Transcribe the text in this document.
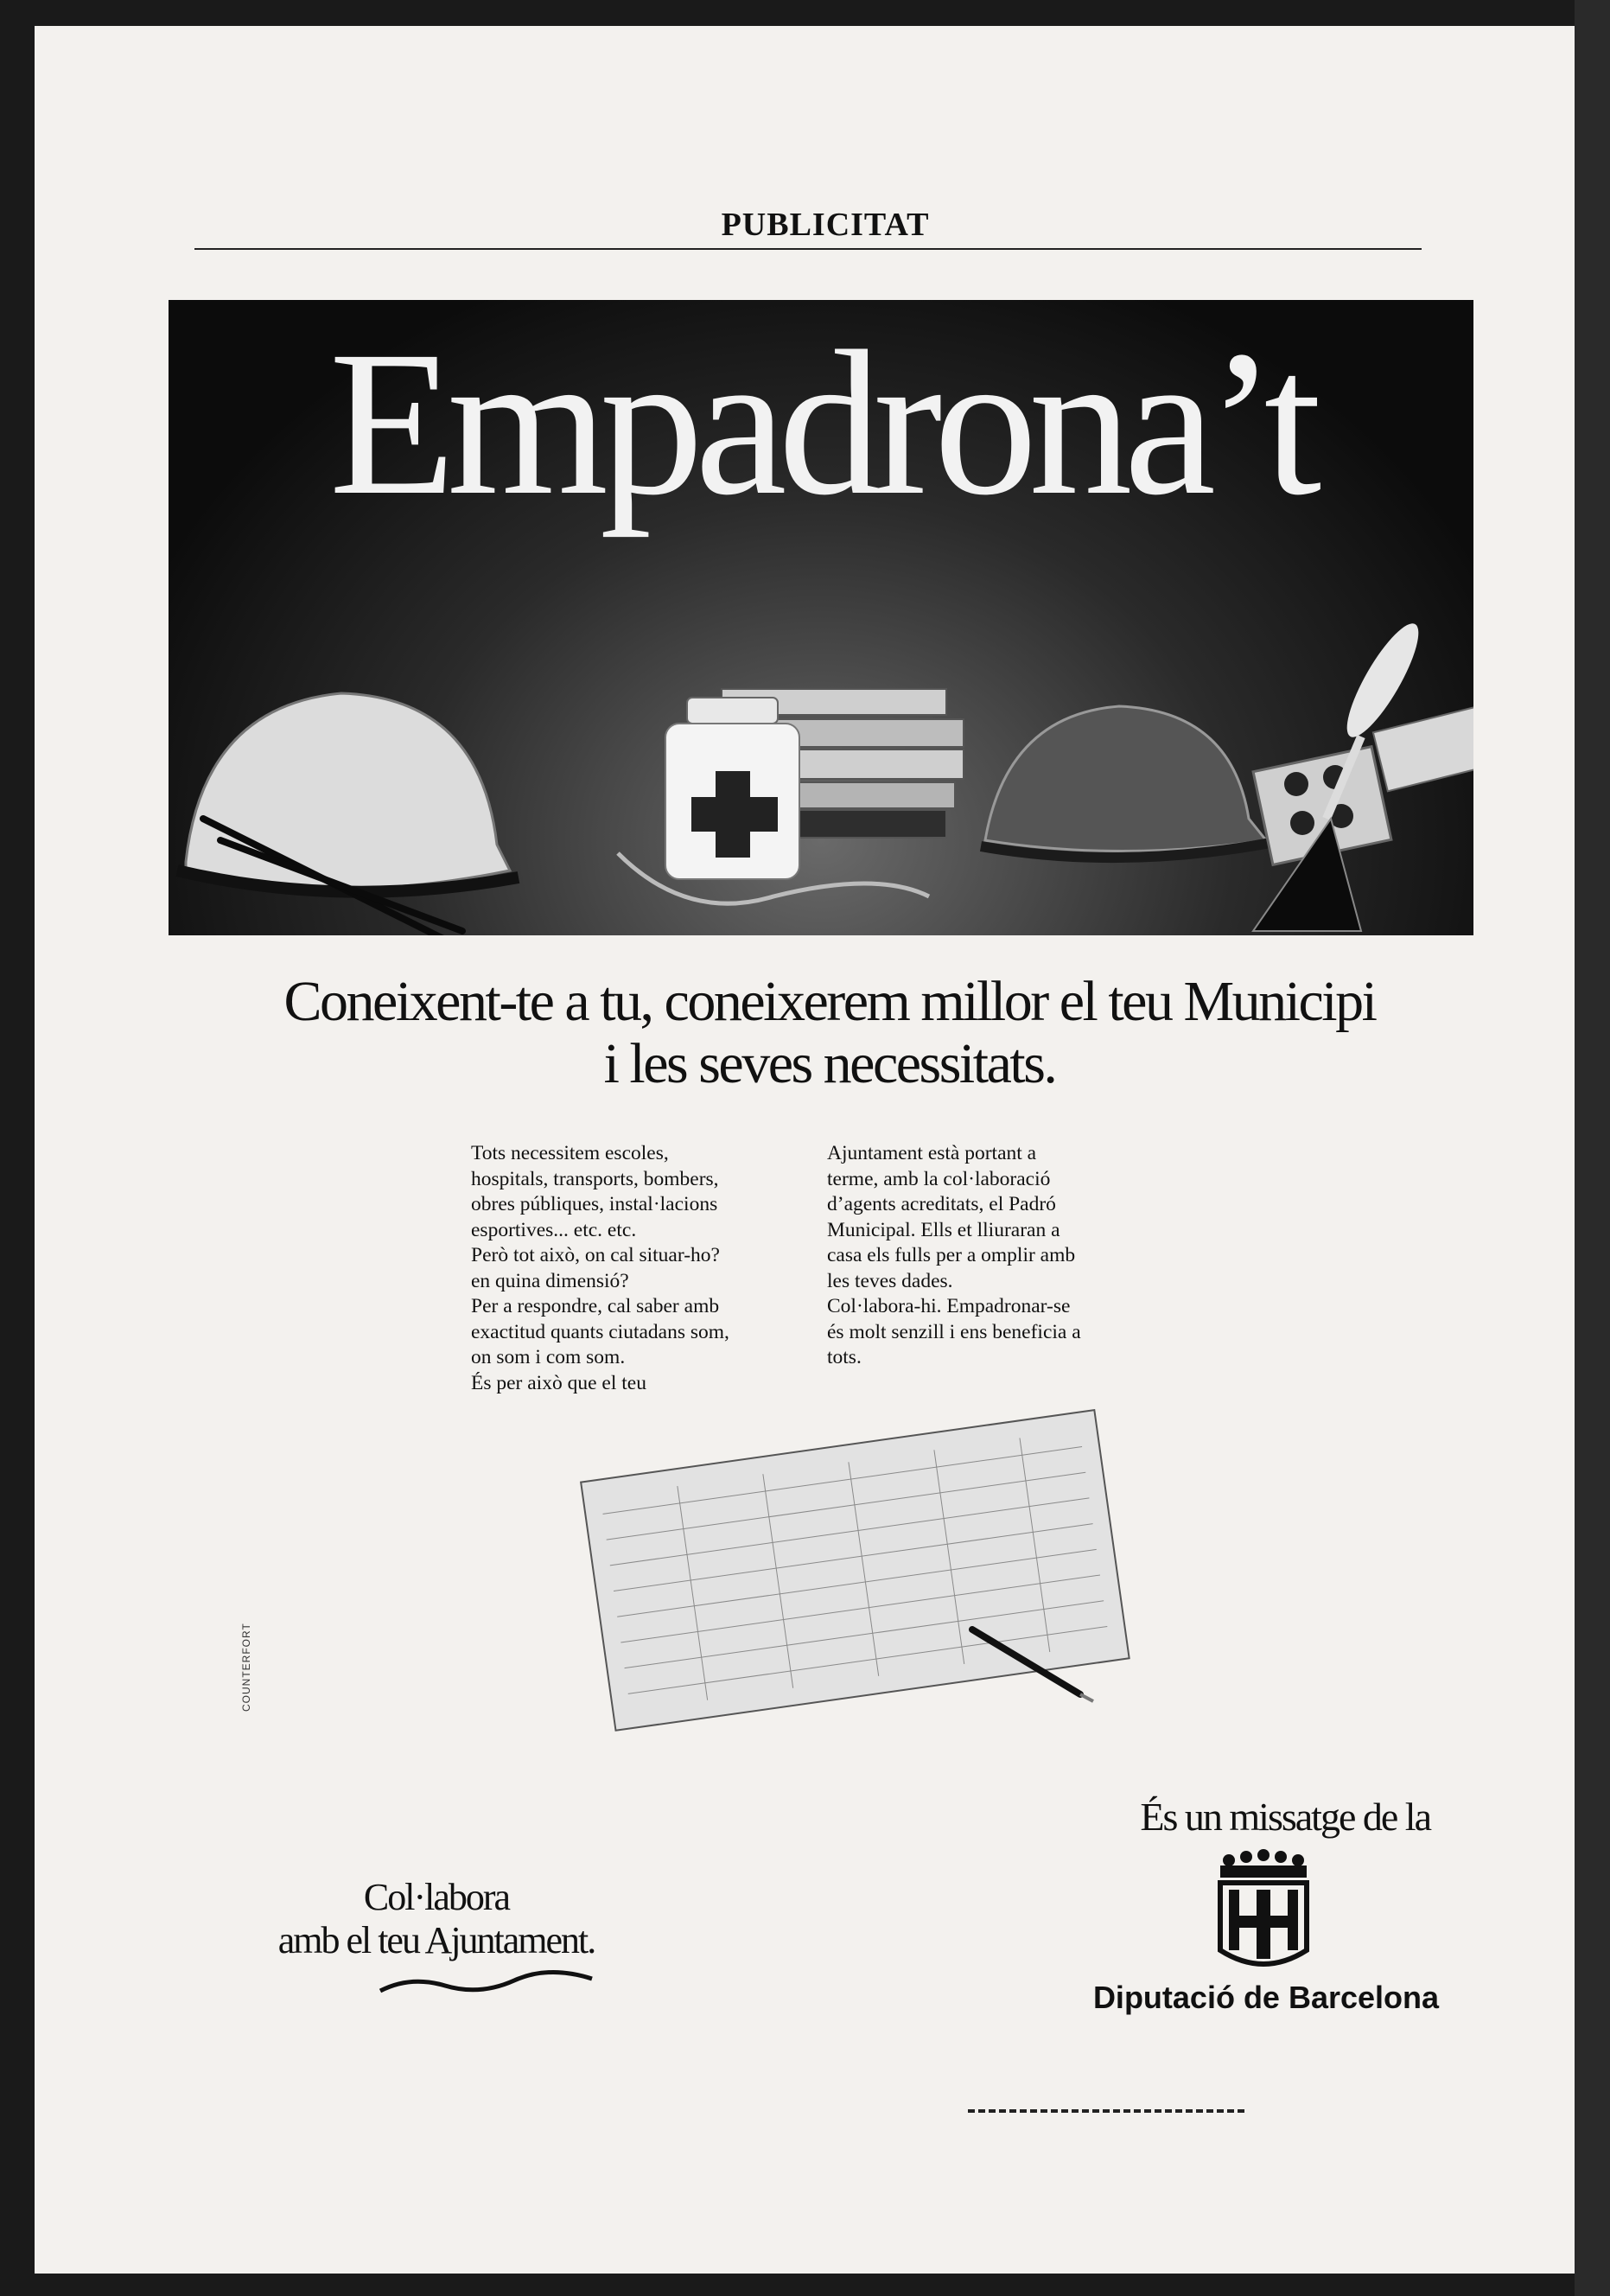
PUBLICITAT
Empadrona’t
Coneixent-te a tu, coneixerem millor el teu Municipi
i les seves necessitats.

Tots necessitem escoles,
hospitals, transports, bombers,
obres públiques, instal·lacions
esportives... etc. etc.
Però tot això, on cal situar-ho?
en quina dimensió?
Per a respondre, cal saber amb
exactitud quants ciutadans som,
on som i com som.
És per això que el teu

Ajuntament està portant a
terme, amb la col·laboració
d’agents acreditats, el Padró
Municipal. Ells et lliuraran a
casa els fulls per a omplir amb
les teves dades.
Col·labora-hi. Empadronar-se
és molt senzill i ens beneficia a
tots.

COUNTERFORT

Col·labora

amb el teu Ajuntament.

És un missatge de la
Diputació de Barcelona
